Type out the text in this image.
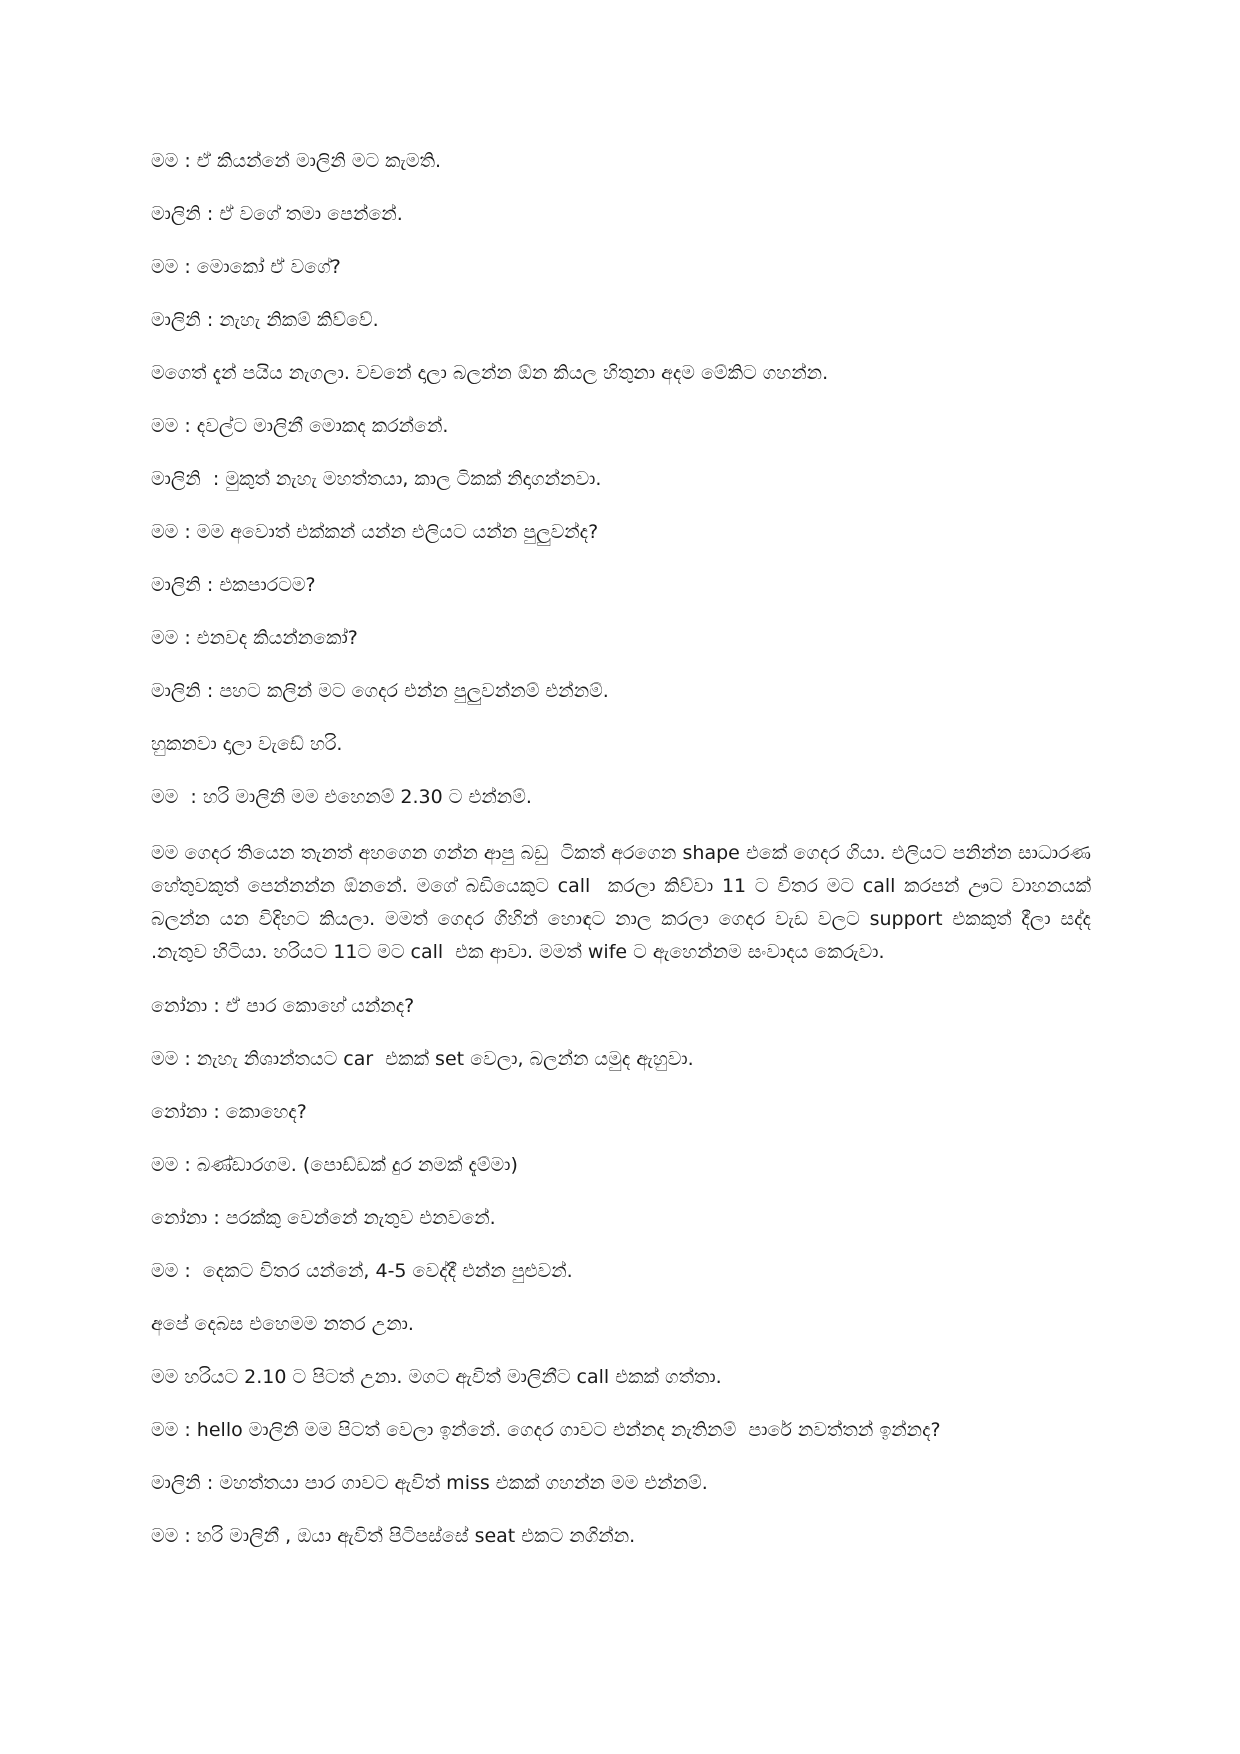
මම : ඒ කියන්නේ මාලිනි මට කැමති.

මාලිනි : ඒ වගේ තමා පෙන්නේ.

මම : මොකෝ ඒ වගේ?

මාලිනි : නැහැ නිකම් කිව්වේ.

මගෙත් දැන් පයිය නැගලා. වචනේ දාලා බලන්න ඕන කියල හිතුනා අදම මේකිට ගහන්න.

මම : දවල්ට මාලිනී මොකද කරන්නේ.

මාලිනි  : මුකුත් නැහැ මහත්තයා, කාල ටිකක් නිදාගන්නවා.

මම : මම අවොත් එක්කන් යන්න එලියට යන්න පුලුවන්ද?

මාලිනි : එකපාරටම?

මම : එනවද කියන්නකෝ?

මාලිනි : පහට කලින් මට ගෙදර එන්න පුලුවන්නම් එන්නම්.

හුකනවා දාලා වැඩේ හරි.

මම  : හරි මාලිනි මම එහෙනම් 2.30 ට එන්නම්.

මම ගෙදර තියෙන තැනත් අහගෙන ගන්න ආපු බඩු  ටිකත් අරගෙන shape එකේ ගෙදර ගියා. එලියට පනින්න සාධාරණ හේතුවකුත් පෙන්නන්න ඕනනේ. මගේ බඩියෙකුට call  කරලා කිව්වා 11 ට විතර මට call කරපන් ඌට වාහනයක් බලන්න යන විදිහට කියලා. මමත් ගෙදර ගිහින් හොඳට නාල කරලා ගෙදර වැඩ වලට support එකකුත් දීලා සද්ද .නැතුව හිටියා. හරියට 11ට මට call  එක ආවා. මමත් wife ට ඇහෙන්නම සංවාදය කෙරුවා.

නෝනා : ඒ පාර කොහේ යන්නද?

මම : නැහැ නිශාන්තයට car  එකක් set වෙලා, බලන්න යමුද ඇහුවා.

නෝනා : කොහෙද?

මම : බණ්ඩාරගම. (පොඩ්ඩක් දුර නමක් දැම්මා)

නෝනා : පරක්කු වෙන්නේ නැතුව එනවනේ.

මම :  දෙකට විතර යන්නේ, 4-5 වෙද්දී එන්න පුළුවන්.

අපේ දෙබස එහෙමම නතර උනා.

මම හරියට 2.10 ට පිටත් උනා. මගට ඇවිත් මාලිනීට call එකක් ගත්තා.

මම : hello මාලිනි මම පිටත් වෙලා ඉන්නේ. ගෙදර ගාවට එන්නද නැතිනම්  පාරේ නවත්තන් ඉන්නද?

මාලිනි : මහත්තයා පාර ගාවට ඇවිත් miss එකක් ගහන්න මම එන්නම්.

මම : හරි මාලිනී , ඔයා ඇවිත් පිටිපස්සේ seat එකට නගින්න.
